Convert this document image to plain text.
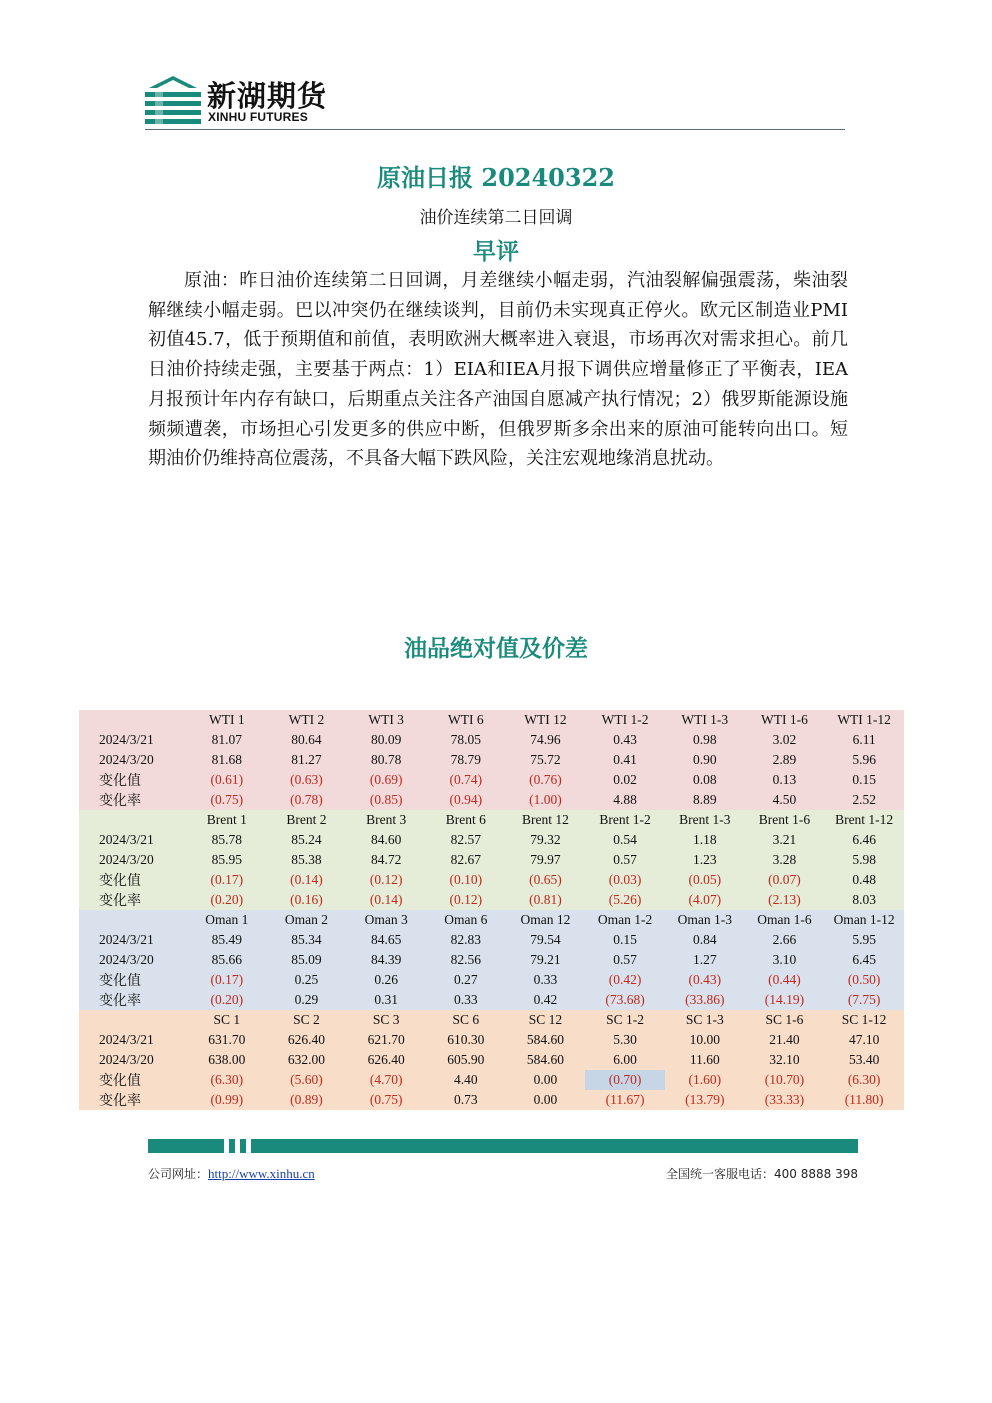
新湖期货
XINHU FUTURES
原油日报 20240322
油价连续第二日回调
早评
原油：昨日油价连续第二日回调，月差继续小幅走弱，汽油裂解偏强震荡，柴油裂解继续小幅走弱。巴以冲突仍在继续谈判，目前仍未实现真正停火。欧元区制造业PMI初值45.7，低于预期值和前值，表明欧洲大概率进入衰退，市场再次对需求担心。前几日油价持续走强，主要基于两点：1）EIA和IEA月报下调供应增量修正了平衡表，IEA月报预计年内存有缺口，后期重点关注各产油国自愿减产执行情况；2）俄罗斯能源设施频频遭袭，市场担心引发更多的供应中断，但俄罗斯多余出来的原油可能转向出口。短期油价仍维持高位震荡，不具备大幅下跌风险，关注宏观地缘消息扰动。
油品绝对值及价差
	WTI 1	WTI 2	WTI 3	WTI 6	WTI 12	WTI 1-2	WTI 1-3	WTI 1-6	WTI 1-12
2024/3/21	81.07	80.64	80.09	78.05	74.96	0.43	0.98	3.02	6.11
2024/3/20	81.68	81.27	80.78	78.79	75.72	0.41	0.90	2.89	5.96
变化值	(0.61)	(0.63)	(0.69)	(0.74)	(0.76)	0.02	0.08	0.13	0.15
变化率	(0.75)	(0.78)	(0.85)	(0.94)	(1.00)	4.88	8.89	4.50	2.52
	Brent 1	Brent 2	Brent 3	Brent 6	Brent 12	Brent 1-2	Brent 1-3	Brent 1-6	Brent 1-12
2024/3/21	85.78	85.24	84.60	82.57	79.32	0.54	1.18	3.21	6.46
2024/3/20	85.95	85.38	84.72	82.67	79.97	0.57	1.23	3.28	5.98
变化值	(0.17)	(0.14)	(0.12)	(0.10)	(0.65)	(0.03)	(0.05)	(0.07)	0.48
变化率	(0.20)	(0.16)	(0.14)	(0.12)	(0.81)	(5.26)	(4.07)	(2.13)	8.03
	Oman 1	Oman 2	Oman 3	Oman 6	Oman 12	Oman 1-2	Oman 1-3	Oman 1-6	Oman 1-12
2024/3/21	85.49	85.34	84.65	82.83	79.54	0.15	0.84	2.66	5.95
2024/3/20	85.66	85.09	84.39	82.56	79.21	0.57	1.27	3.10	6.45
变化值	(0.17)	0.25	0.26	0.27	0.33	(0.42)	(0.43)	(0.44)	(0.50)
变化率	(0.20)	0.29	0.31	0.33	0.42	(73.68)	(33.86)	(14.19)	(7.75)
	SC 1	SC 2	SC 3	SC 6	SC 12	SC 1-2	SC 1-3	SC 1-6	SC 1-12
2024/3/21	631.70	626.40	621.70	610.30	584.60	5.30	10.00	21.40	47.10
2024/3/20	638.00	632.00	626.40	605.90	584.60	6.00	11.60	32.10	53.40
变化值	(6.30)	(5.60)	(4.70)	4.40	0.00	(0.70)	(1.60)	(10.70)	(6.30)
变化率	(0.99)	(0.89)	(0.75)	0.73	0.00	(11.67)	(13.79)	(33.33)	(11.80)
公司网址：http://www.xinhu.cn	全国统一客服电话：400 8888 398
